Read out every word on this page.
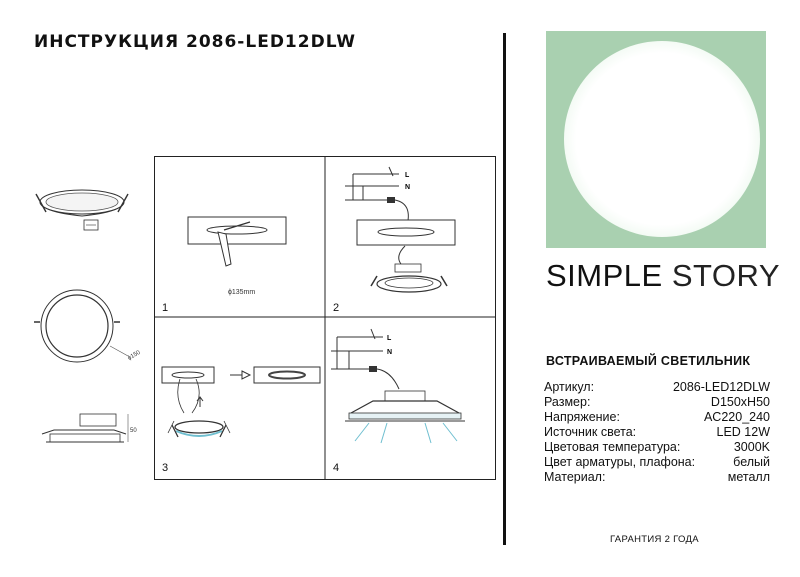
ИНСТРУКЦИЯ 2086-LED12DLW
ɸ150
50
ɸ135mm
1
L
N
2
3
L
N
4
SIMPLE STORY
ВСТРАИВАЕМЫЙ СВЕТИЛЬНИК
Артикул:	2086-LED12DLW
Размер:	D150xH50
Напряжение:	AC220_240
Источник света:	LED 12W
Цветовая температура:	3000K
Цвет арматуры, плафона:	белый
Материал:	металл
ГАРАНТИЯ 2 ГОДА
